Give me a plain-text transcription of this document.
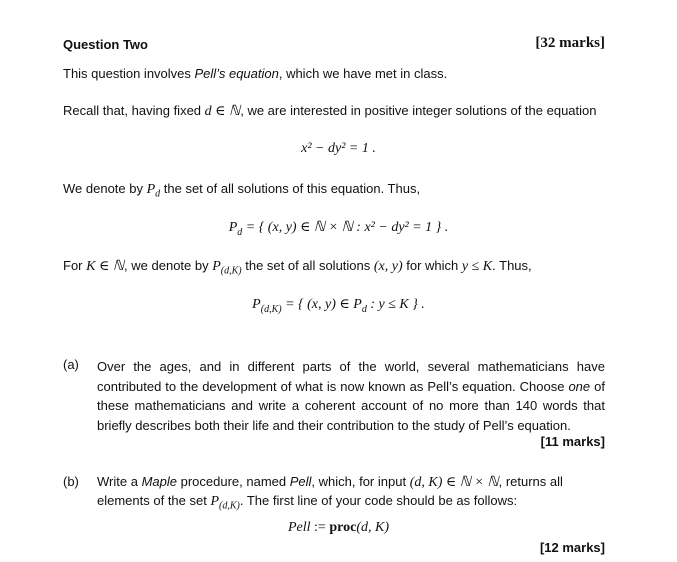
Question Two	[32 marks]
This question involves Pell’s equation, which we have met in class.
Recall that, having fixed d ∈ ℕ, we are interested in positive integer solutions of the equation
x² − dy² = 1 .
We denote by $P_d$ the set of all solutions of this equation. Thus,
$P_d$ = { (x, y) ∈ ℕ × ℕ : x² − dy² = 1 } .
For K ∈ ℕ, we denote by $P_{(d,K)}$ the set of all solutions (x, y) for which y ≤ K. Thus,
$P_{(d,K)}$ = { (x, y) ∈ $P_d$ : y ≤ K } .
(a) Over the ages, and in different parts of the world, several mathematicians have contributed to the development of what is now known as Pell’s equation. Choose one of these mathematicians and write a coherent account of no more than 140 words that briefly describes both their life and their contribution to the study of Pell’s equation.
[11 marks]
(b) Write a Maple procedure, named Pell, which, for input (d, K) ∈ ℕ × ℕ, returns all
elements of the set $P_{(d,K)}$. The first line of your code should be as follows:
Pell := proc(d, K)
[12 marks]
